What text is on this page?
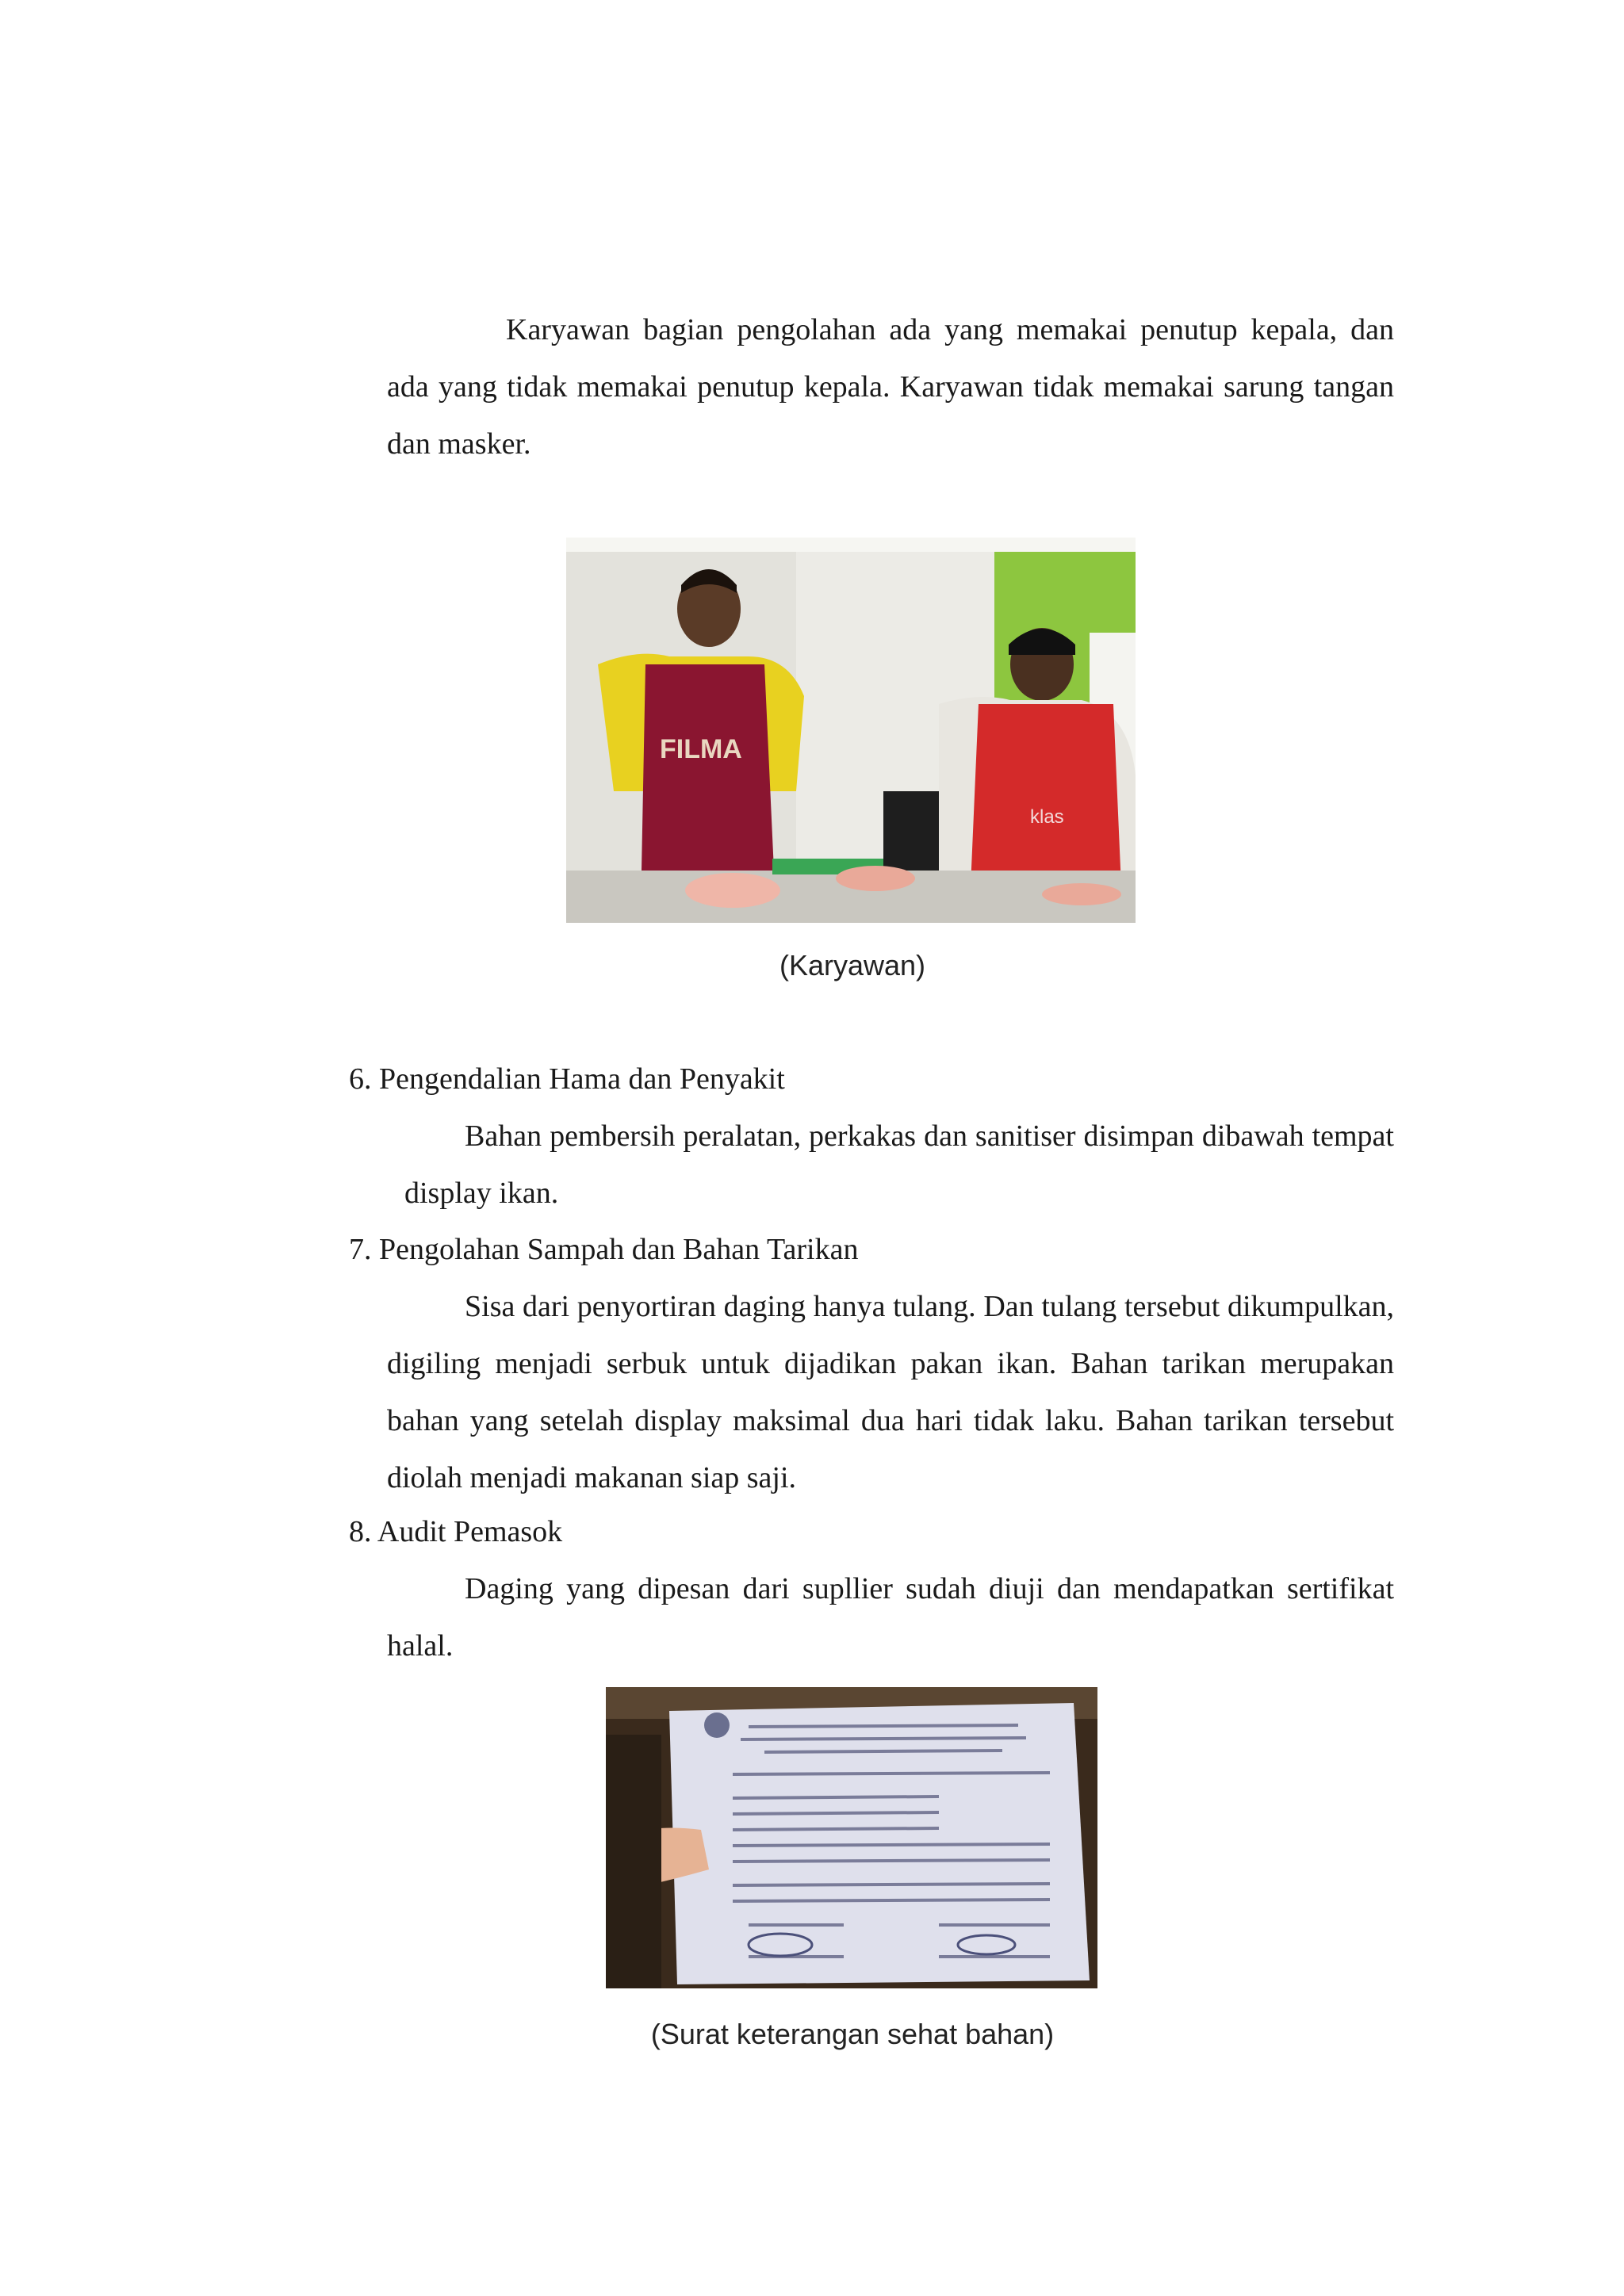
Karyawan bagian pengolahan ada yang memakai penutup kepala, dan ada yang tidak memakai penutup kepala. Karyawan tidak memakai sarung tangan dan masker.

FILMA
klas
(Karyawan)

6. Pengendalian Hama dan Penyakit

Bahan pembersih peralatan, perkakas dan sanitiser disimpan dibawah tempat display ikan.

7. Pengolahan Sampah dan Bahan Tarikan

Sisa dari penyortiran daging hanya tulang. Dan tulang tersebut dikumpulkan, digiling menjadi serbuk untuk dijadikan pakan ikan. Bahan tarikan merupakan bahan yang setelah display maksimal dua hari tidak laku. Bahan tarikan tersebut diolah menjadi makanan siap saji.

8. Audit Pemasok

Daging yang dipesan dari supllier sudah diuji dan mendapatkan sertifikat halal.

(Surat keterangan sehat bahan)
